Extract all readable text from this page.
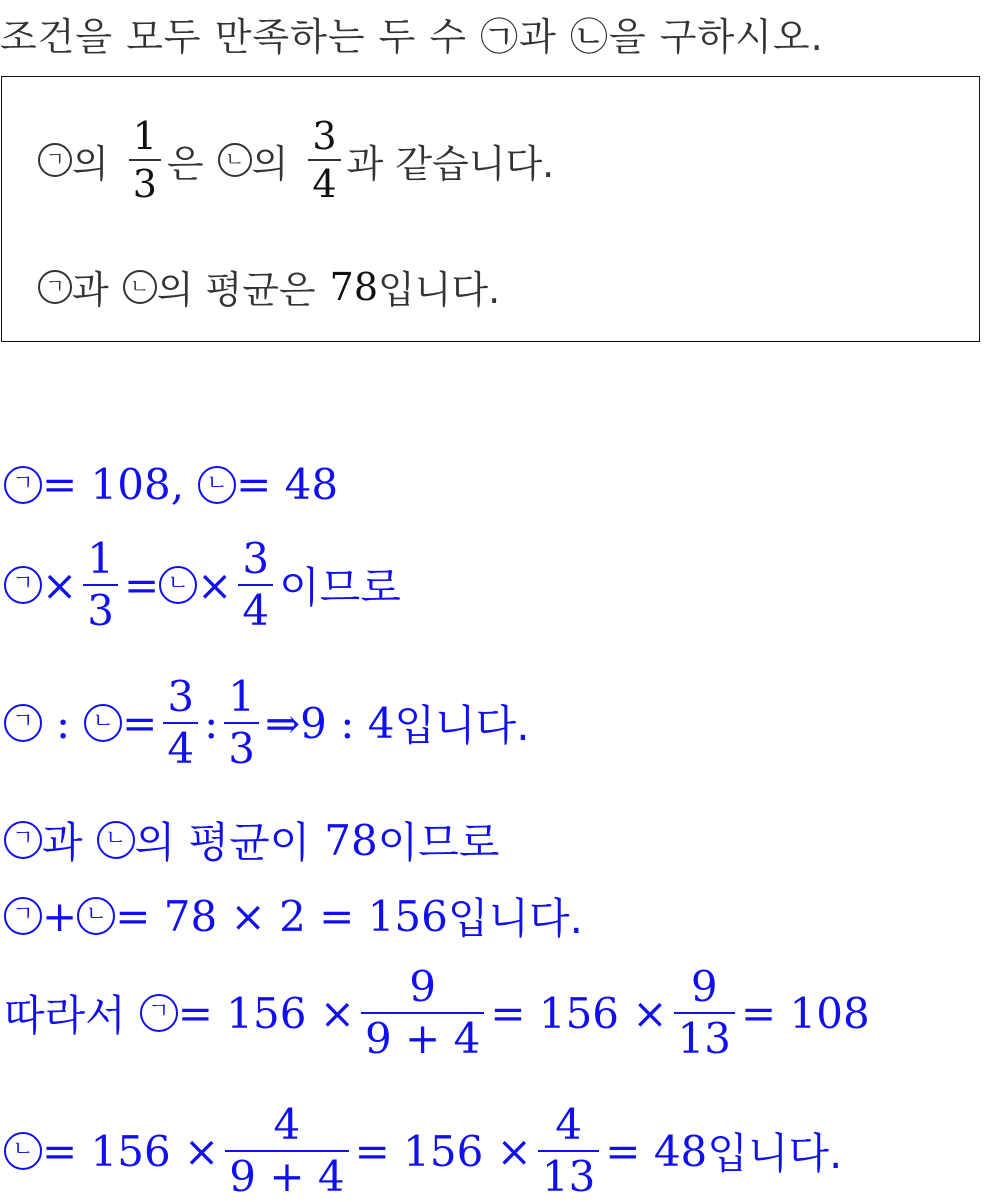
조건을 모두 만족하는 두 수 ㉠과 ㉡을 구하시오.
ㄱ 의 $\frac{1}{3}$ 은	ㄴ 의 $\frac{3}{4}$ 과 같습니다.
ㄱ 과	ㄴ 의 평균은 78 입니다.
ㄱ = 108,	ㄴ = 48
ㄱ × $\frac{1}{3}$ = ㄴ × $\frac{3}{4}$ 이므로
ㄱ :	ㄴ = $\frac{3}{4}$ : $\frac{1}{3}$ ⇒9 : 4 입니다.
ㄱ 과	ㄴ 의 평균이 78 이므로
ㄱ + ㄴ = 78 × 2 = 156 입니다.
따라서	ㄱ = $156 \times \frac{9}{9 + 4} = 156 \times \frac{9}{13} = 108$
ㄴ = $156 \times \frac{4}{9 + 4} = 156 \times \frac{4}{13} = 48$ 입니다.
